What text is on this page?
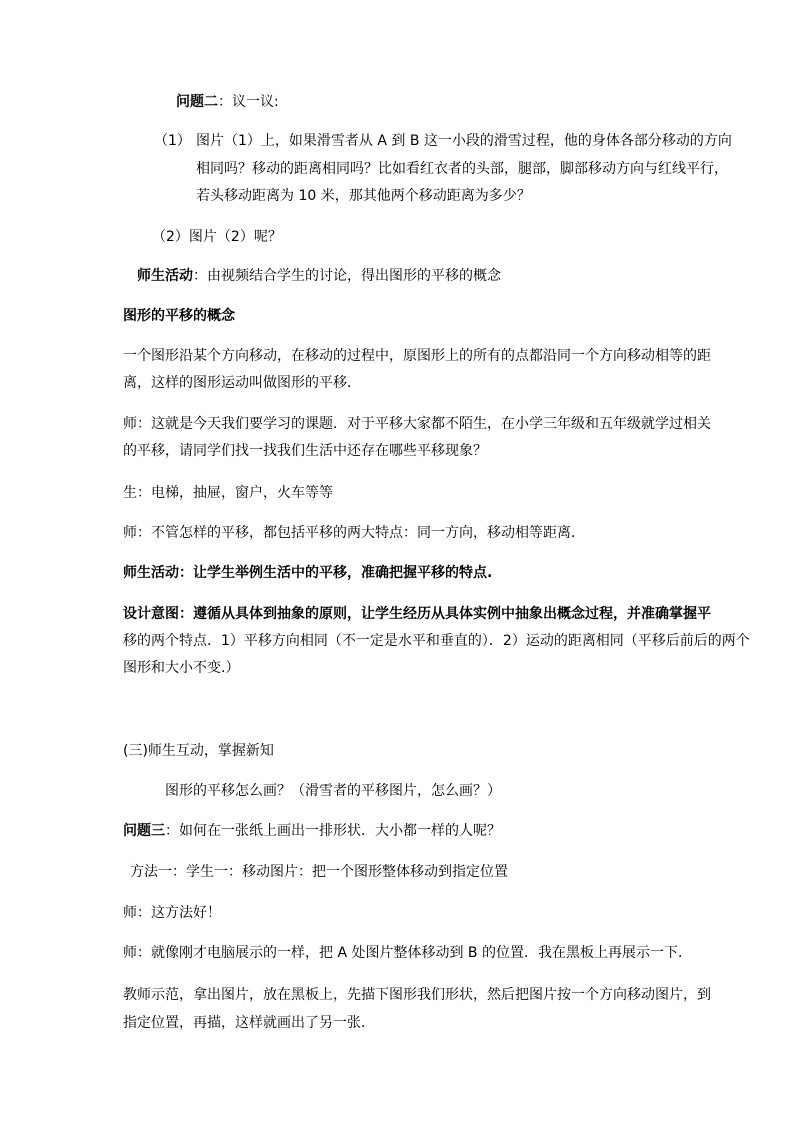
问题二：议一议:
（1） 图片（1）上，如果滑雪者从 A 到 B 这一小段的滑雪过程，他的身体各部分移动的方向
相同吗？移动的距离相同吗？比如看红衣者的头部，腿部，脚部移动方向与红线平行，
若头移动距离为 10 米，那其他两个移动距离为多少？
（2）图片（2）呢？
师生活动：由视频结合学生的讨论，得出图形的平移的概念
图形的平移的概念
一个图形沿某个方向移动，在移动的过程中，原图形上的所有的点都沿同一个方向移动相等的距
离，这样的图形运动叫做图形的平移．
师：这就是今天我们要学习的课题．对于平移大家都不陌生，在小学三年级和五年级就学过相关
的平移，请同学们找一找我们生活中还存在哪些平移现象？
生：电梯，抽屉，窗户，火车等等
师：不管怎样的平移，都包括平移的两大特点：同一方向，移动相等距离．
师生活动：让学生举例生活中的平移，准确把握平移的特点.
设计意图：遵循从具体到抽象的原则，让学生经历从具体实例中抽象出概念过程，并准确掌握平
移的两个特点．1）平移方向相同（不一定是水平和垂直的）．2）运动的距离相同（平移后前后的两个
图形和大小不变.）
(三)师生互动，掌握新知
图形的平移怎么画？（滑雪者的平移图片，怎么画？）
问题三：如何在一张纸上画出一排形状．大小都一样的人呢？
方法一：学生一：移动图片：把一个图形整体移动到指定位置
师：这方法好！
师：就像刚才电脑展示的一样，把 A 处图片整体移动到 B 的位置．我在黑板上再展示一下．
教师示范，拿出图片，放在黑板上，先描下图形我们形状，然后把图片按一个方向移动图片，到
指定位置，再描，这样就画出了另一张．
